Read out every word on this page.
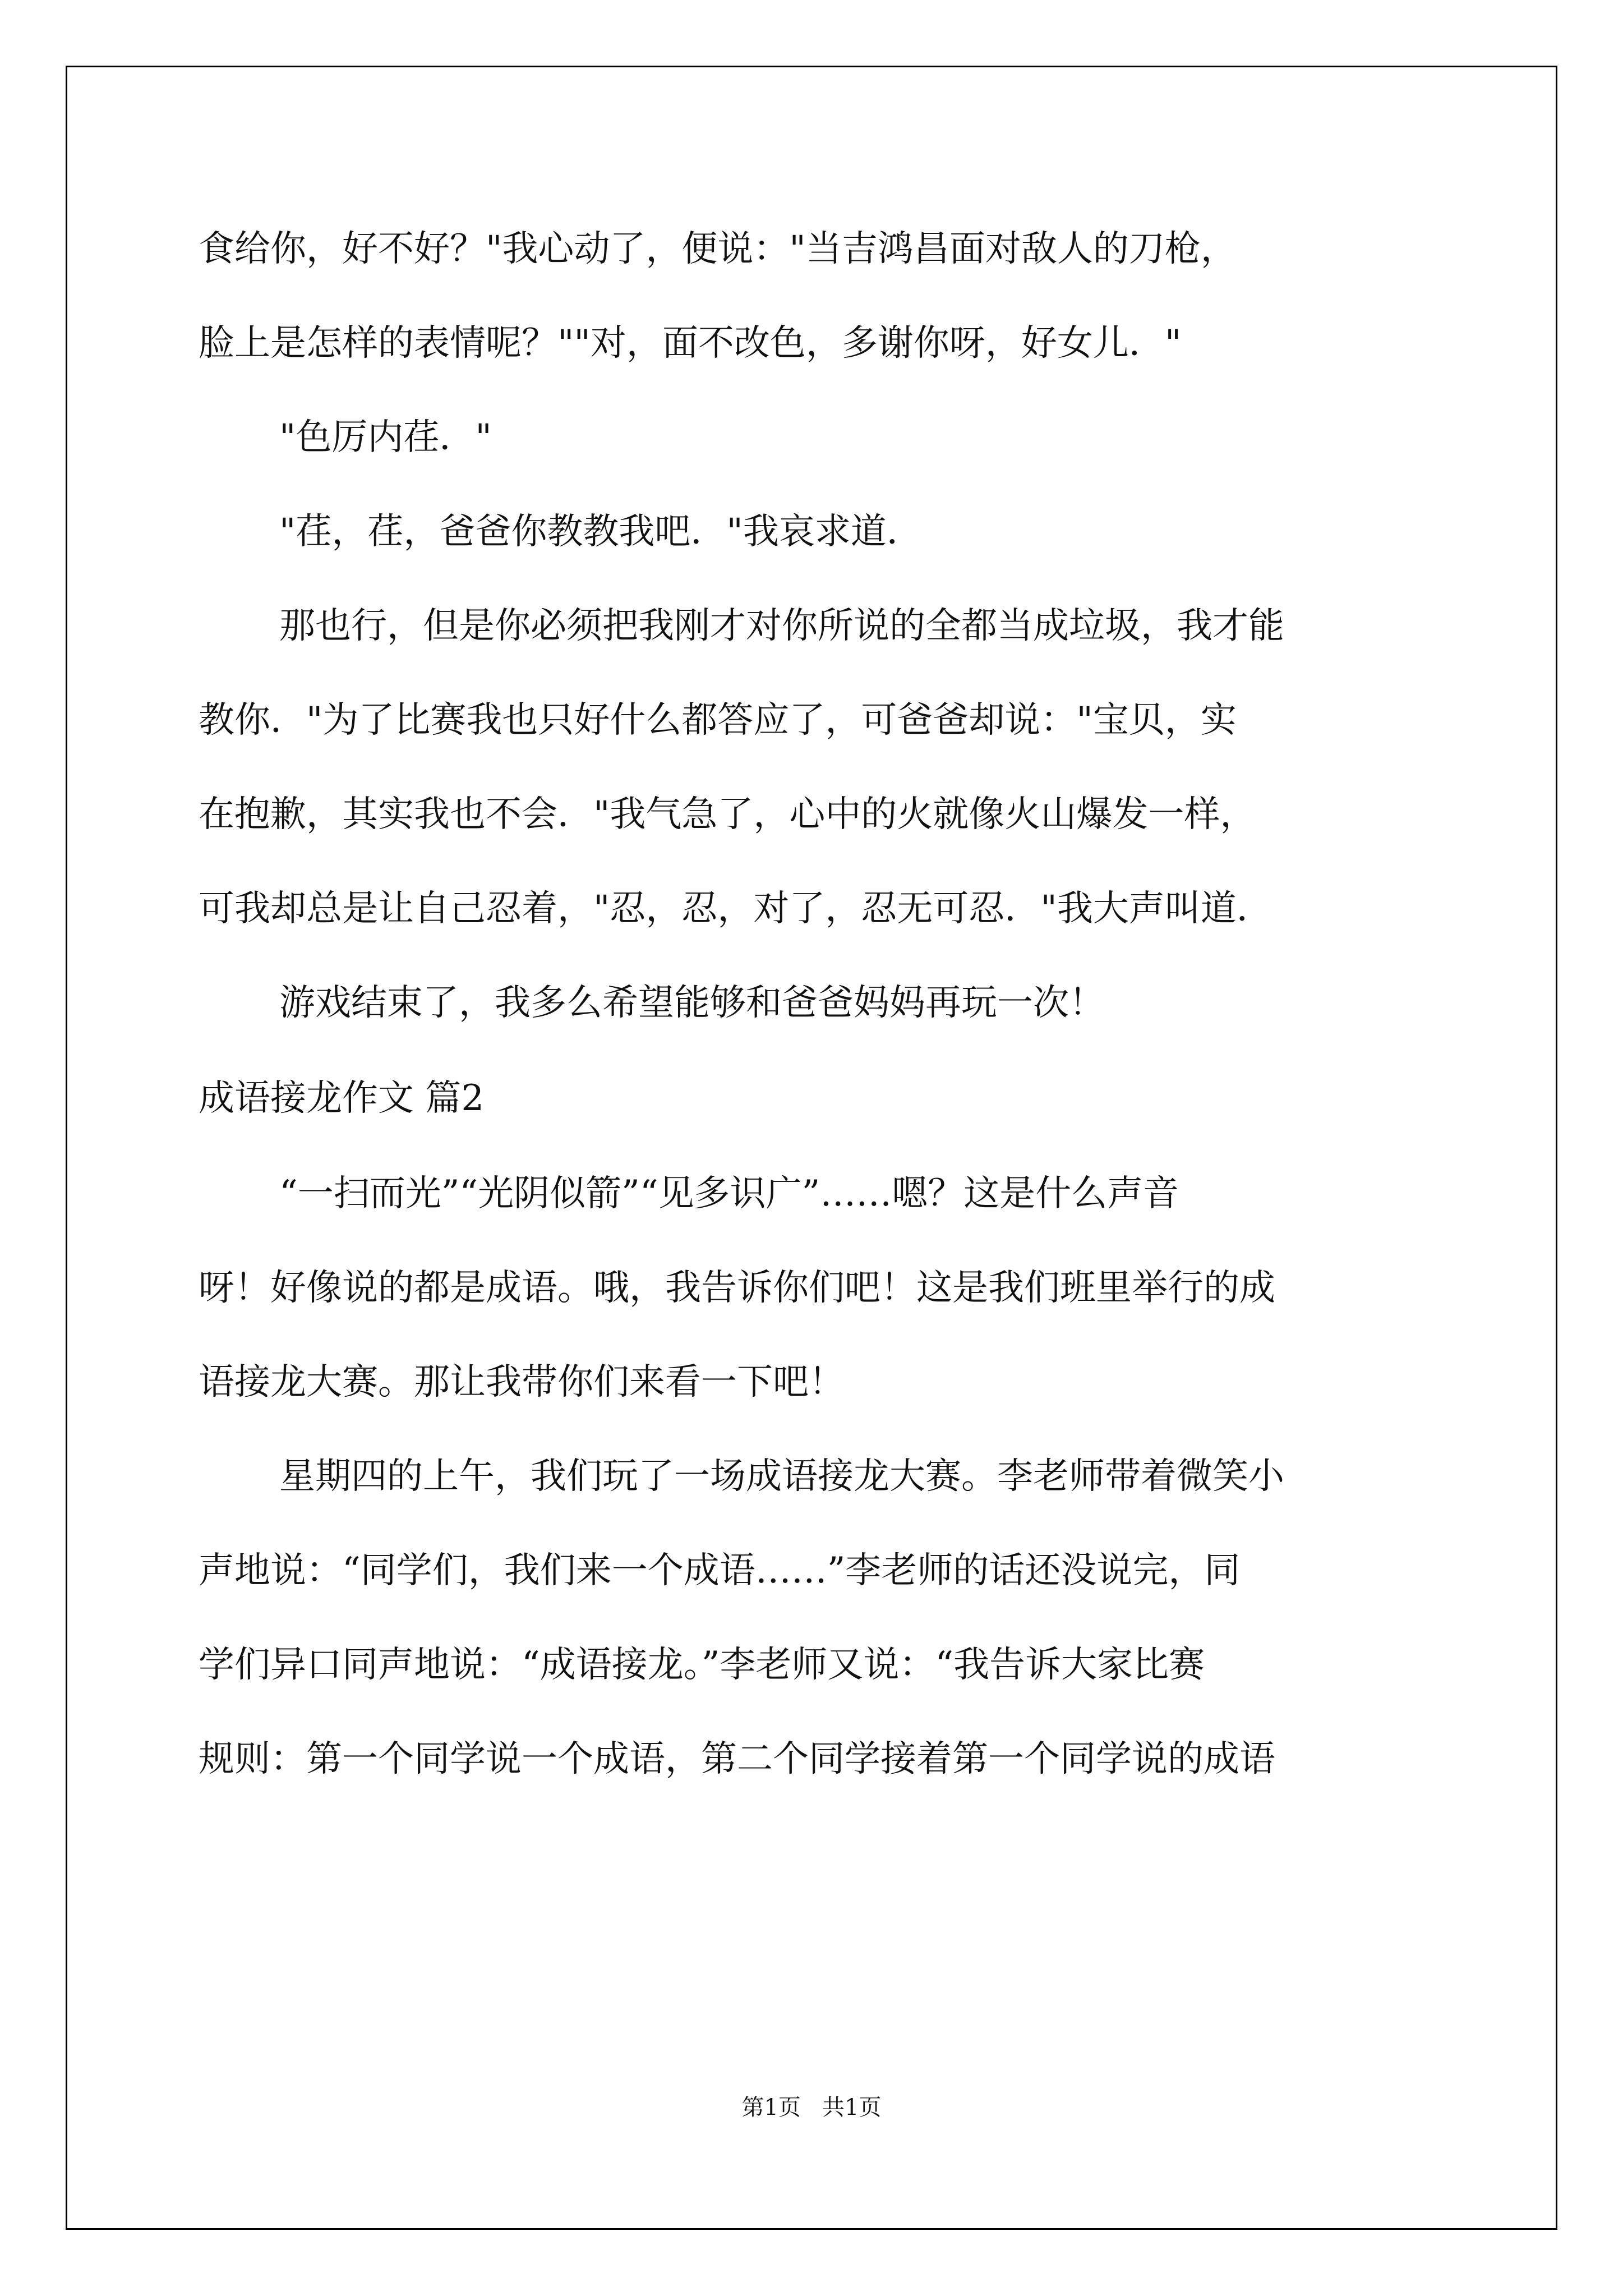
食给你，好不好？"我心动了，便说："当吉鸿昌面对敌人的刀枪，
脸上是怎样的表情呢？""对，面不改色，多谢你呀，好女儿．"
"色厉内荏．"
"荏，荏，爸爸你教教我吧．"我哀求道．
那也行，但是你必须把我刚才对你所说的全都当成垃圾，我才能
教你．"为了比赛我也只好什么都答应了，可爸爸却说："宝贝，实
在抱歉，其实我也不会．"我气急了，心中的火就像火山爆发一样，
可我却总是让自己忍着，"忍，忍，对了，忍无可忍．"我大声叫道．
游戏结束了，我多么希望能够和爸爸妈妈再玩一次！
成语接龙作文 篇2
“一扫而光”“光阴似箭”“见多识广”……嗯？这是什么声音
呀！好像说的都是成语。哦，我告诉你们吧！这是我们班里举行的成
语接龙大赛。那让我带你们来看一下吧！
星期四的上午，我们玩了一场成语接龙大赛。李老师带着微笑小
声地说：“同学们，我们来一个成语……”李老师的话还没说完，同
学们异口同声地说：“成语接龙。”李老师又说：“我告诉大家比赛
规则：第一个同学说一个成语，第二个同学接着第一个同学说的成语
第1页   共1页
